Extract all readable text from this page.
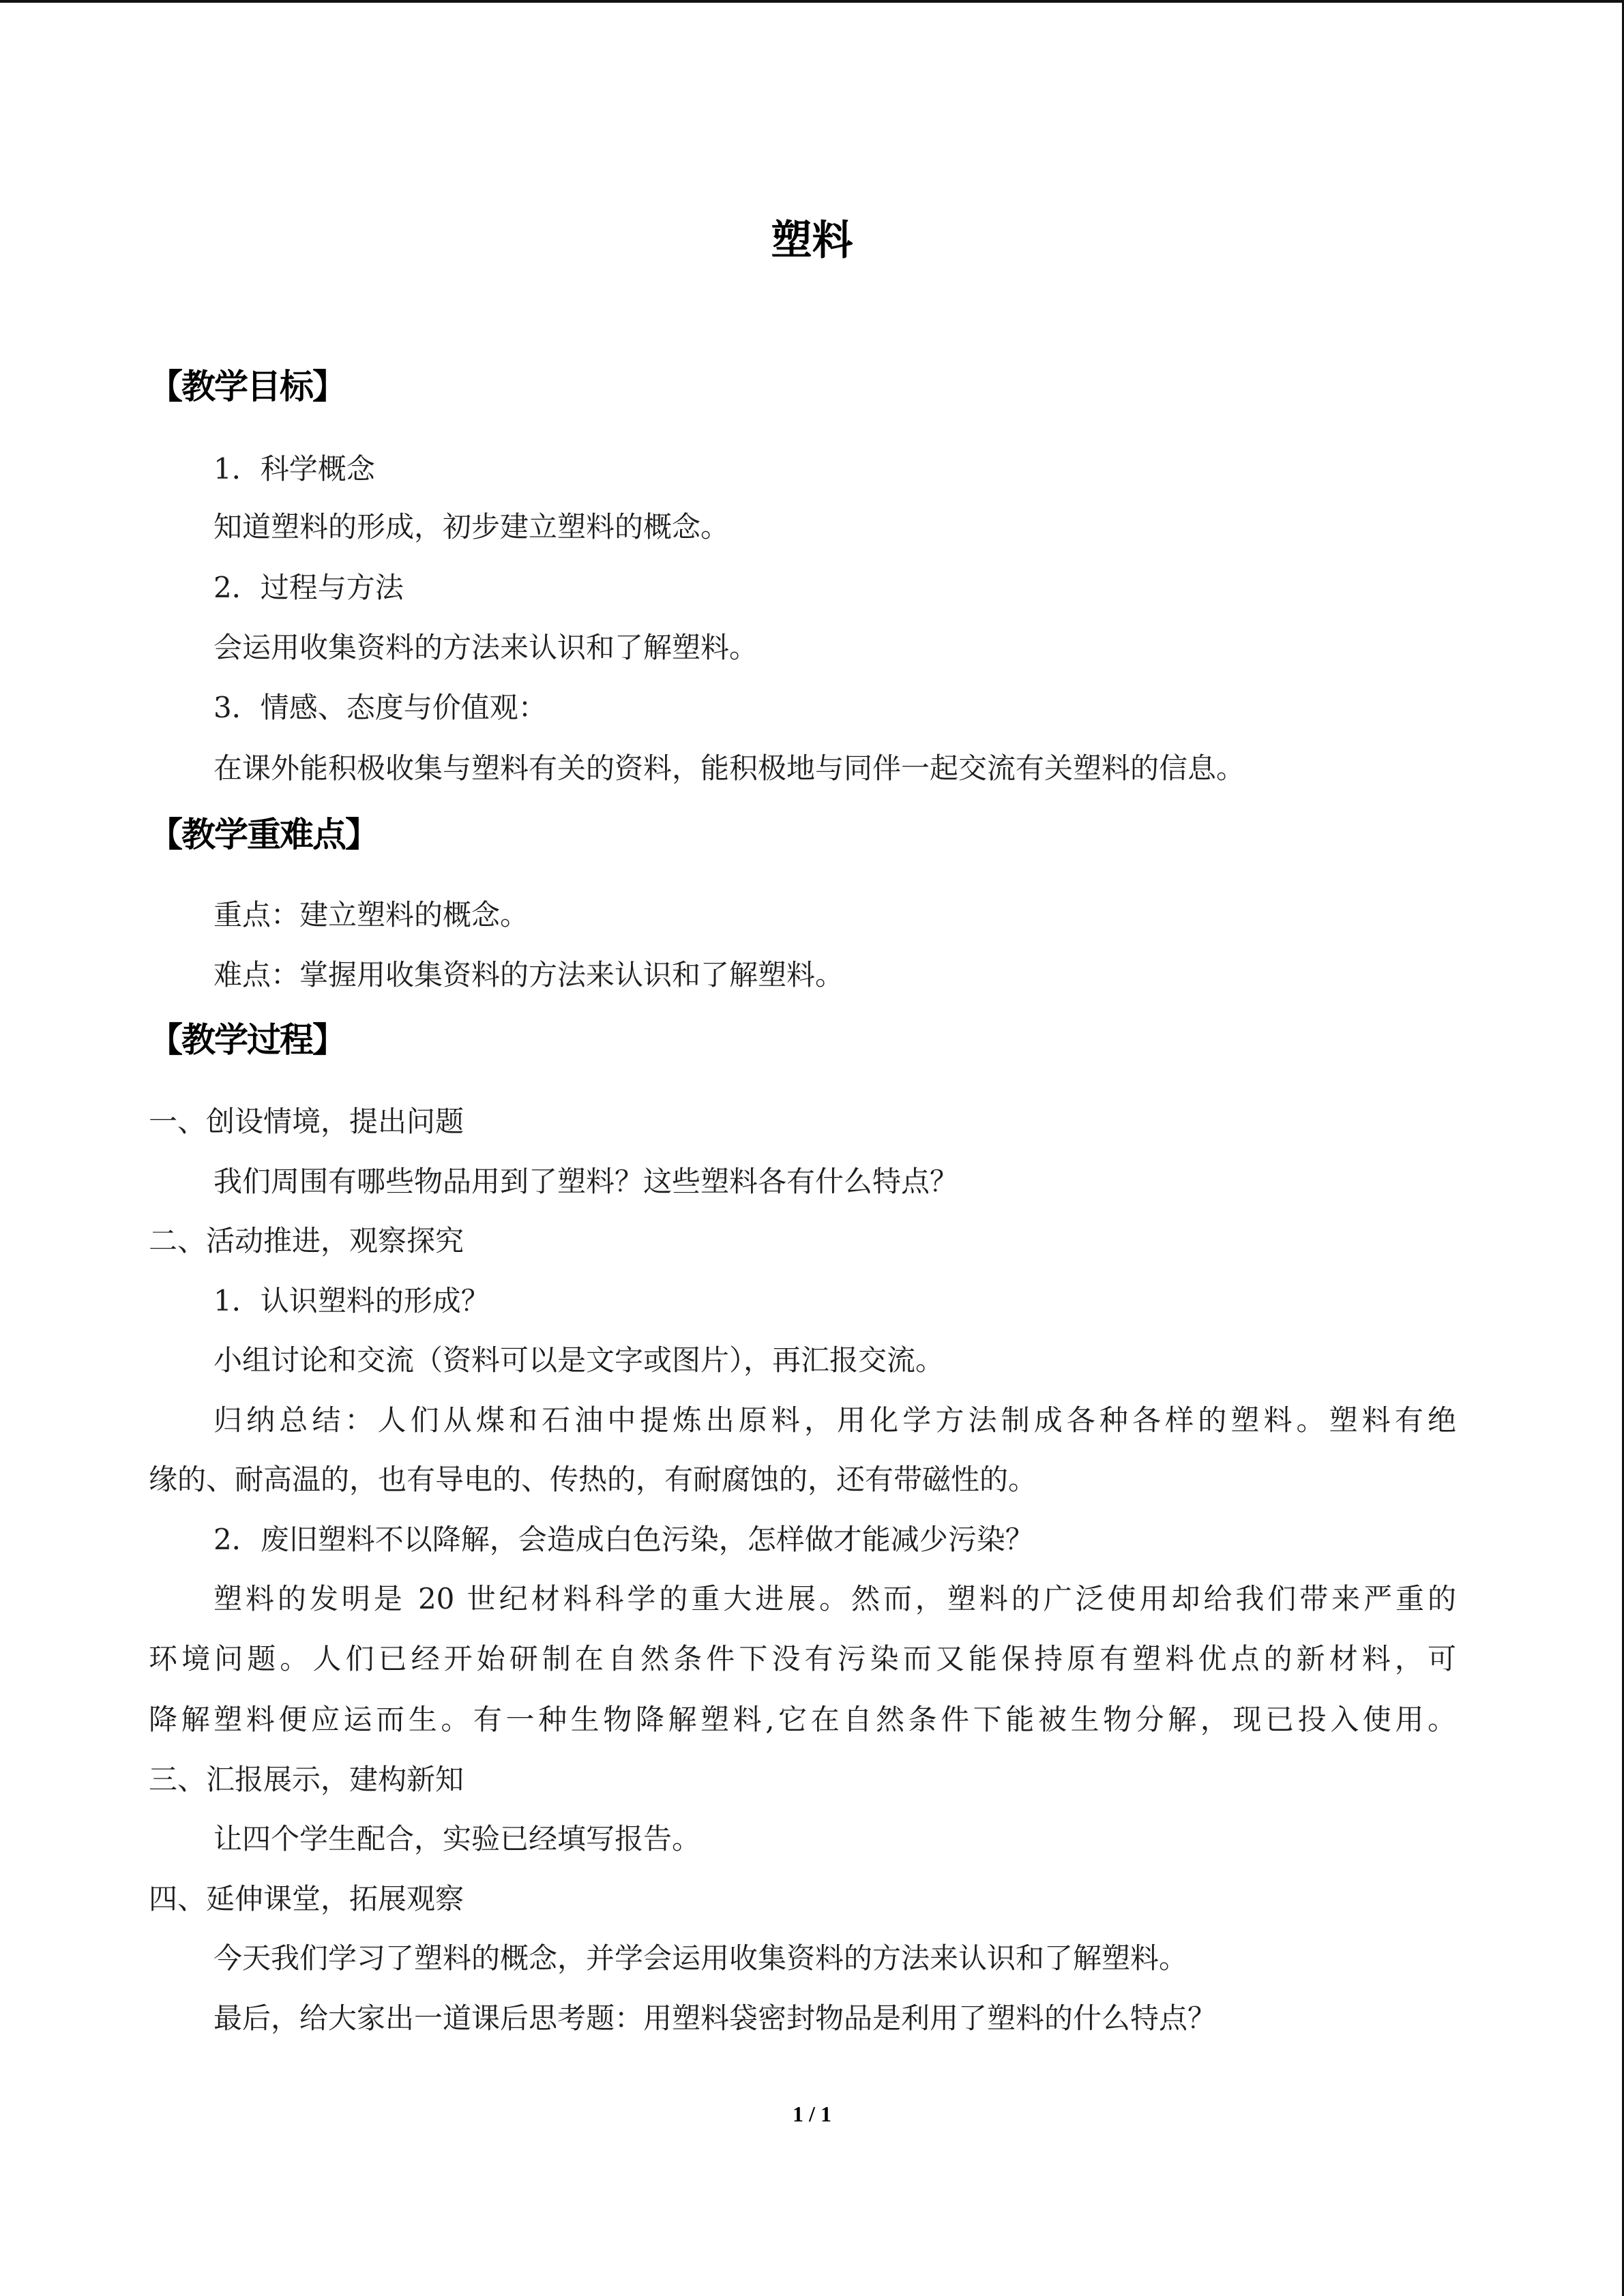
塑料
【教学目标】
1．科学概念
知道塑料的形成，初步建立塑料的概念。
2．过程与方法
会运用收集资料的方法来认识和了解塑料。
3．情感、态度与价值观：
在课外能积极收集与塑料有关的资料，能积极地与同伴一起交流有关塑料的信息。
【教学重难点】
重点：建立塑料的概念。
难点：掌握用收集资料的方法来认识和了解塑料。
【教学过程】
一、创设情境，提出问题
我们周围有哪些物品用到了塑料？这些塑料各有什么特点？
二、活动推进，观察探究
1．认识塑料的形成？
小组讨论和交流（资料可以是文字或图片），再汇报交流。
归纳总结：人们从煤和石油中提炼出原料，用化学方法制成各种各样的塑料。塑料有绝
缘的、耐高温的，也有导电的、传热的，有耐腐蚀的，还有带磁性的。
2．废旧塑料不以降解，会造成白色污染，怎样做才能减少污染？
塑料的发明是 20 世纪材料科学的重大进展。然而，塑料的广泛使用却给我们带来严重的
环境问题。人们已经开始研制在自然条件下没有污染而又能保持原有塑料优点的新材料，可
降解塑料便应运而生。有一种生物降解塑料,它在自然条件下能被生物分解，现已投入使用。
三、汇报展示，建构新知
让四个学生配合，实验已经填写报告。
四、延伸课堂，拓展观察
今天我们学习了塑料的概念，并学会运用收集资料的方法来认识和了解塑料。
最后，给大家出一道课后思考题：用塑料袋密封物品是利用了塑料的什么特点？
1 / 1
